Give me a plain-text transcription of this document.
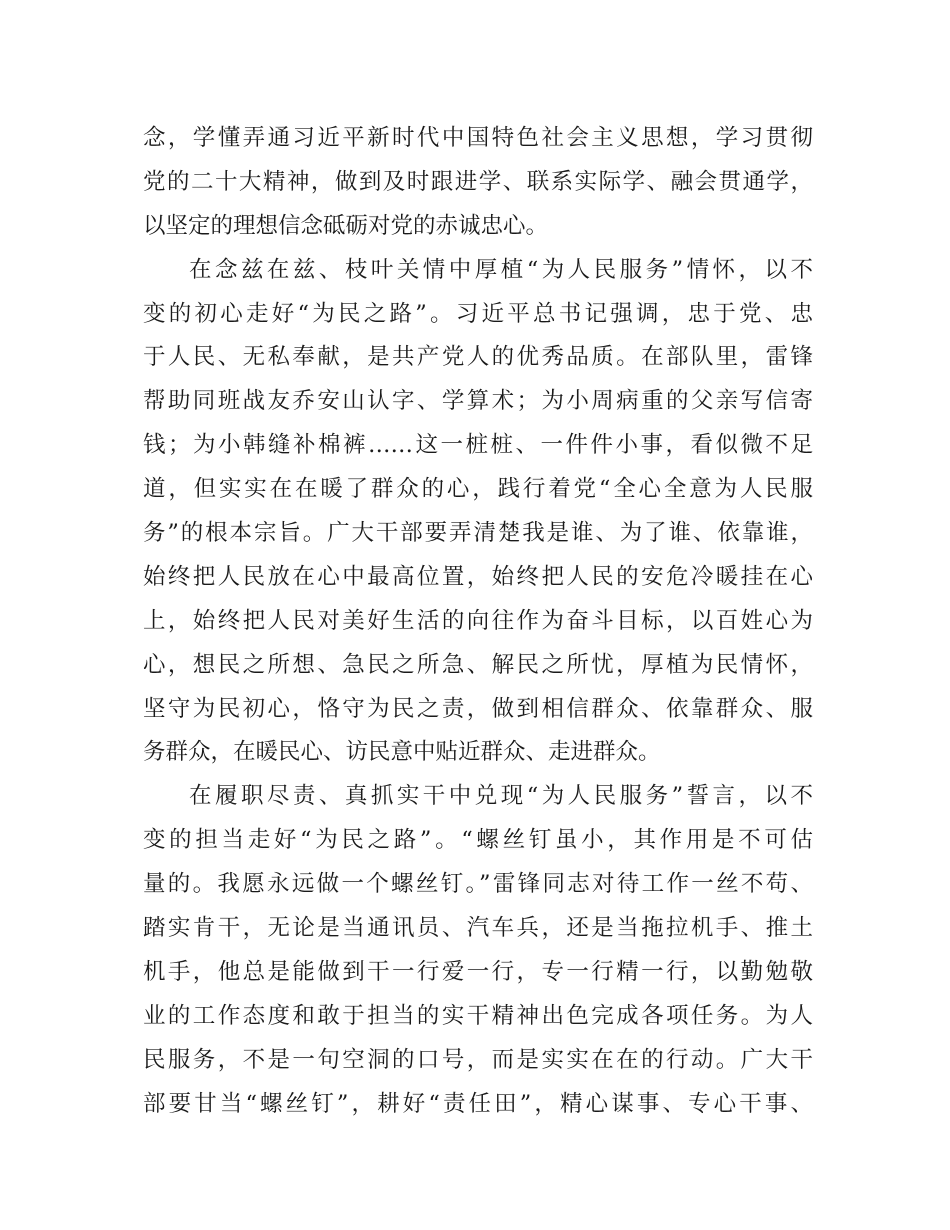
念，学懂弄通习近平新时代中国特色社会主义思想，学习贯彻
党的二十大精神，做到及时跟进学、联系实际学、融会贯通学，
以坚定的理想信念砥砺对党的赤诚忠心。
在念兹在兹、枝叶关情中厚植“为人民服务”情怀，以不
变的初心走好“为民之路”。习近平总书记强调，忠于党、忠
于人民、无私奉献，是共产党人的优秀品质。在部队里，雷锋
帮助同班战友乔安山认字、学算术；为小周病重的父亲写信寄
钱；为小韩缝补棉裤……这一桩桩、一件件小事，看似微不足
道，但实实在在暖了群众的心，践行着党“全心全意为人民服
务”的根本宗旨。广大干部要弄清楚我是谁、为了谁、依靠谁，
始终把人民放在心中最高位置，始终把人民的安危冷暖挂在心
上，始终把人民对美好生活的向往作为奋斗目标，以百姓心为
心，想民之所想、急民之所急、解民之所忧，厚植为民情怀，
坚守为民初心，恪守为民之责，做到相信群众、依靠群众、服
务群众，在暖民心、访民意中贴近群众、走进群众。
在履职尽责、真抓实干中兑现“为人民服务”誓言，以不
变的担当走好“为民之路”。“螺丝钉虽小，其作用是不可估
量的。我愿永远做一个螺丝钉。”雷锋同志对待工作一丝不苟、
踏实肯干，无论是当通讯员、汽车兵，还是当拖拉机手、推土
机手，他总是能做到干一行爱一行，专一行精一行，以勤勉敬
业的工作态度和敢于担当的实干精神出色完成各项任务。为人
民服务，不是一句空洞的口号，而是实实在在的行动。广大干
部要甘当“螺丝钉”，耕好“责任田”，精心谋事、专心干事、
